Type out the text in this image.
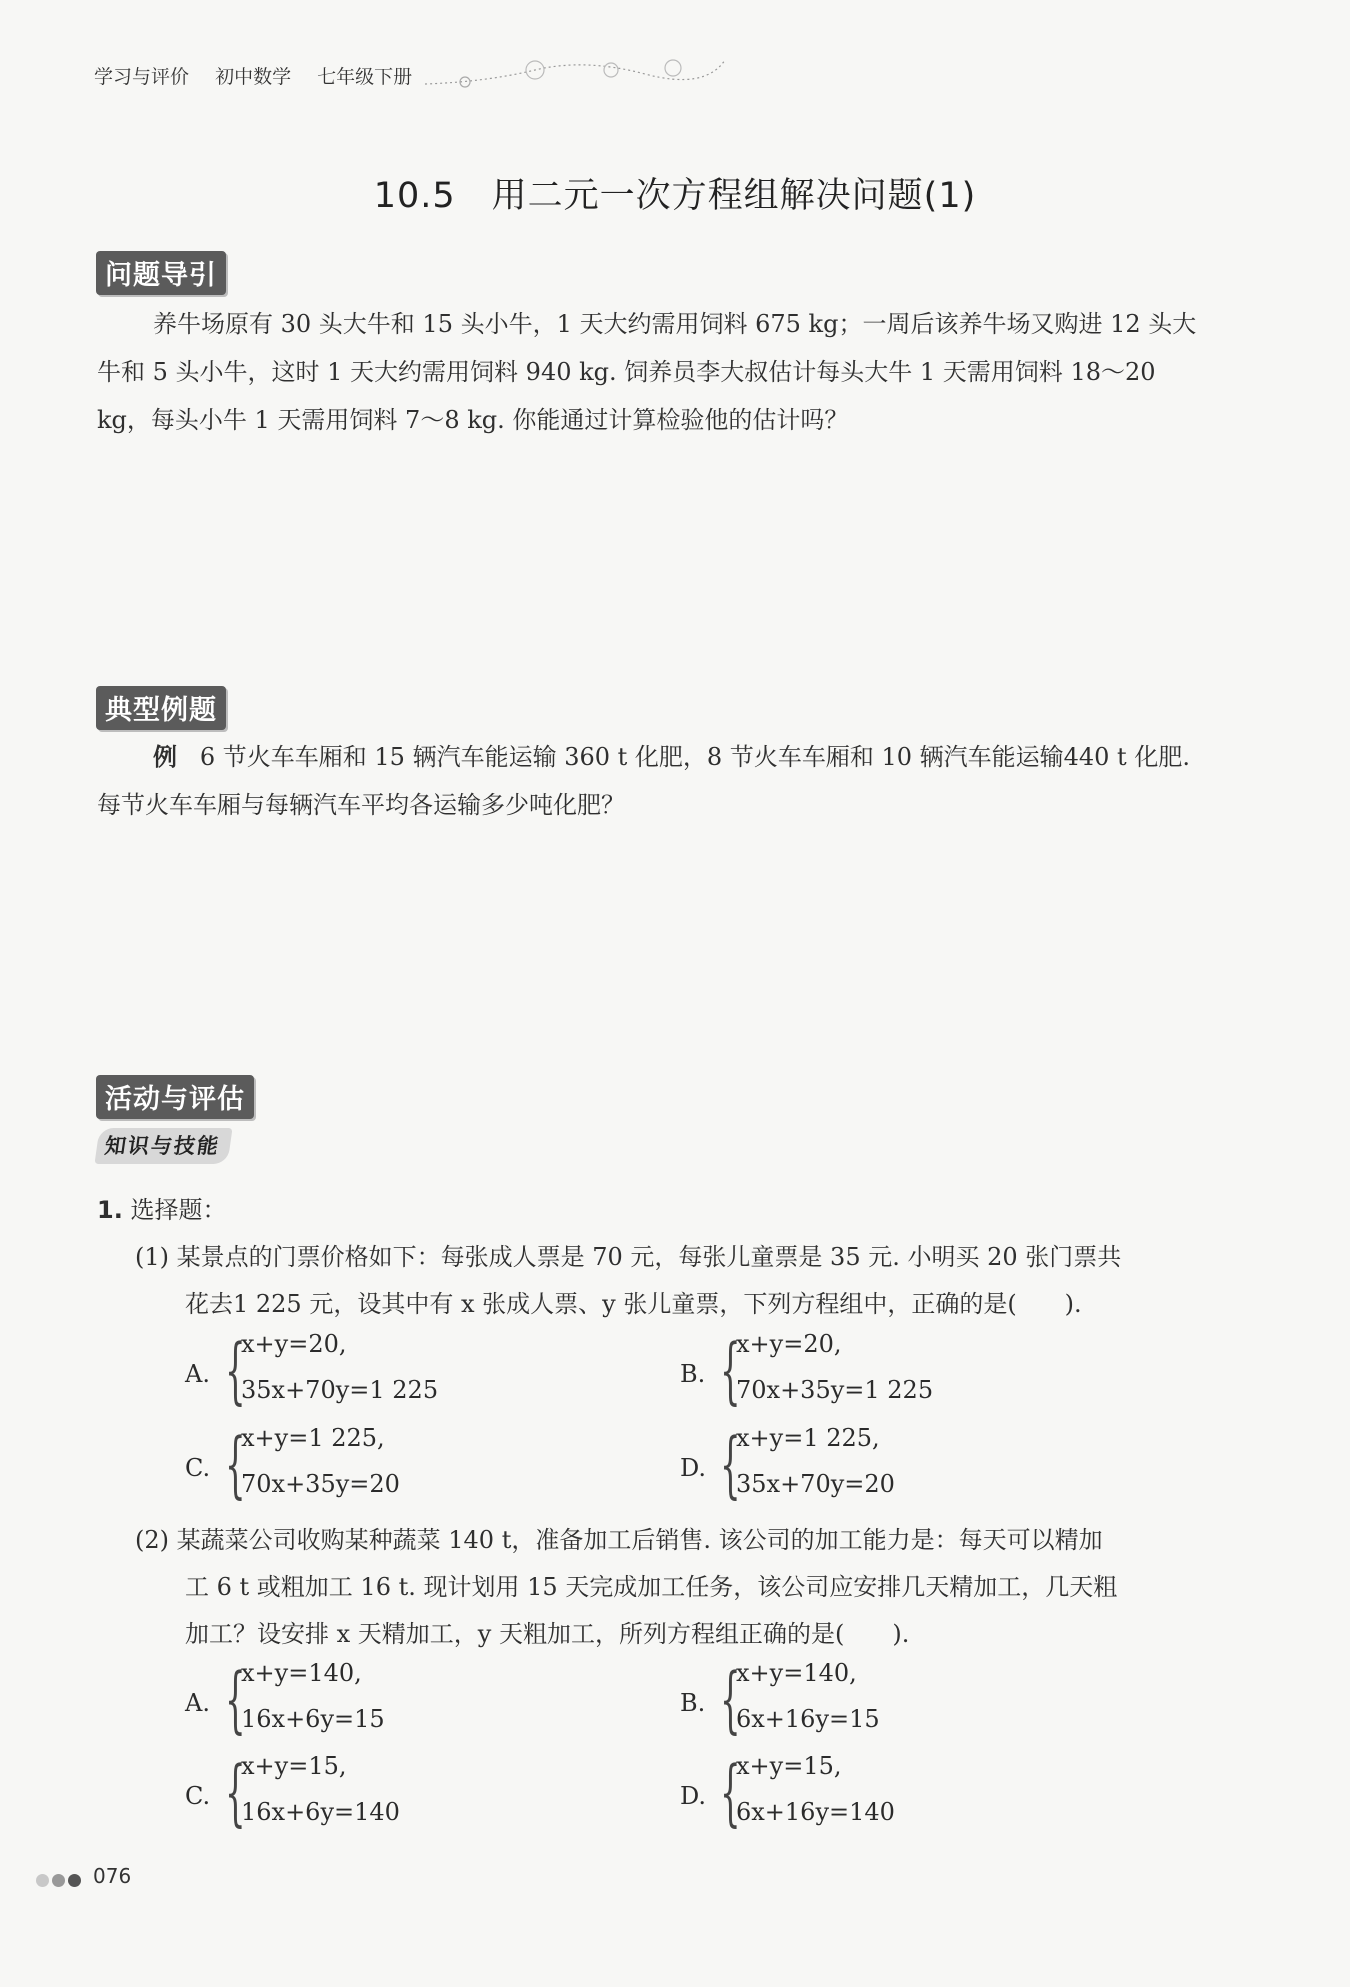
学习与评价 初中数学 七年级下册
10.5 用二元一次方程组解决问题(1)
问题导引
养牛场原有 30 头大牛和 15 头小牛，1 天大约需用饲料 675 kg；一周后该养牛场又购进 12 头大牛和 5 头小牛，这时 1 天大约需用饲料 940 kg. 饲养员李大叔估计每头大牛 1 天需用饲料 18～20 kg，每头小牛 1 天需用饲料 7～8 kg. 你能通过计算检验他的估计吗？
典型例题
例 6 节火车车厢和 15 辆汽车能运输 360 t 化肥，8 节火车车厢和 10 辆汽车能运输440 t 化肥. 每节火车车厢与每辆汽车平均各运输多少吨化肥？
活动与评估
知识与技能
1. 选择题：
(1) 某景点的门票价格如下：每张成人票是 70 元，每张儿童票是 35 元. 小明买 20 张门票共
花去1 225 元，设其中有 x 张成人票、y 张儿童票，下列方程组中，正确的是(　　).
A. {
x+y=20,
35x+70y=1 225
B. {
x+y=20,
70x+35y=1 225
C. {
x+y=1 225,
70x+35y=20
D. {
x+y=1 225,
35x+70y=20
(2) 某蔬菜公司收购某种蔬菜 140 t，准备加工后销售. 该公司的加工能力是：每天可以精加
工 6 t 或粗加工 16 t. 现计划用 15 天完成加工任务，该公司应安排几天精加工，几天粗
加工？设安排 x 天精加工，y 天粗加工，所列方程组正确的是(　　).
A. {
x+y=140,
16x+6y=15
B. {
x+y=140,
6x+16y=15
C. {
x+y=15,
16x+6y=140
D. {
x+y=15,
6x+16y=140
076
